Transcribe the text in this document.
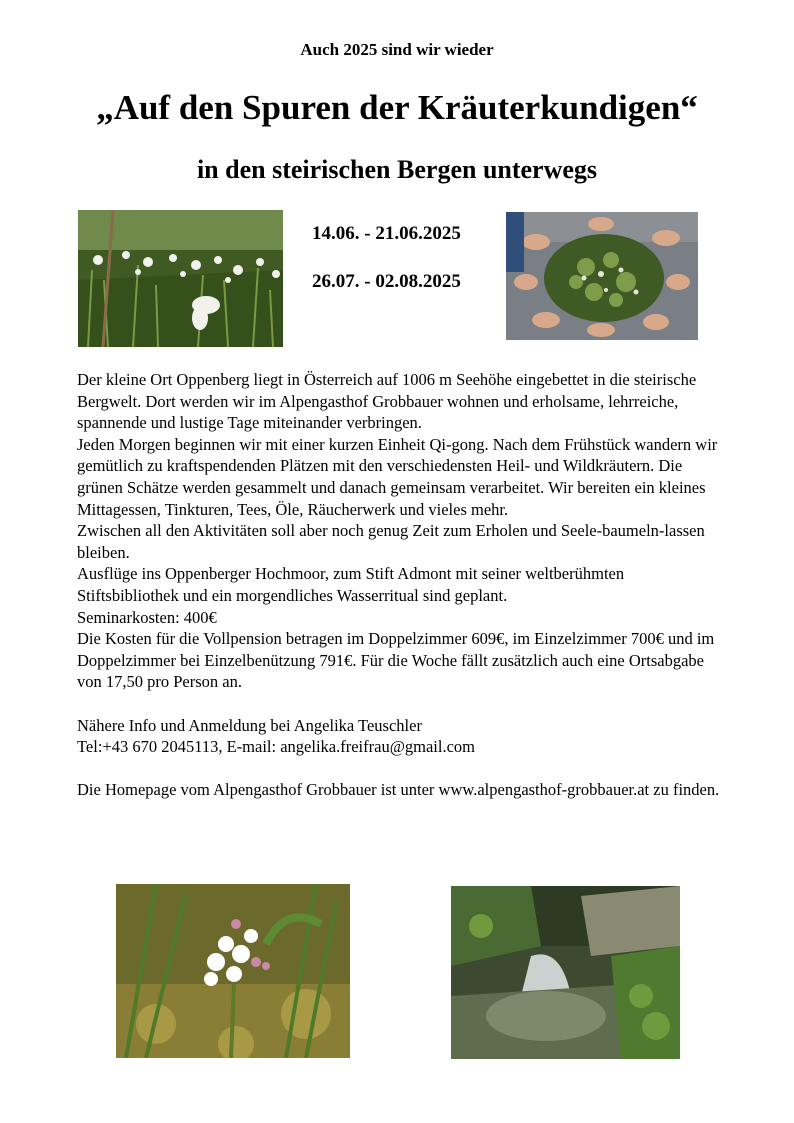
Auch 2025 sind wir wieder
„Auf den Spuren der Kräuterkundigen“
in den steirischen Bergen unterwegs
14.06. - 21.06.2025
26.07. - 02.08.2025

Der kleine Ort Oppenberg liegt in Österreich auf 1006 m Seehöhe eingebettet in die steirische Bergwelt. Dort werden wir im Alpengasthof Grobbauer wohnen und erholsame, lehrreiche, spannende und lustige Tage miteinander verbringen.

Jeden Morgen beginnen wir mit einer kurzen Einheit Qi-gong. Nach dem Frühstück wandern wir gemütlich zu kraftspendenden Plätzen mit den verschiedensten Heil- und Wildkräutern. Die grünen Schätze werden gesammelt und danach gemeinsam verarbeitet. Wir bereiten ein kleines Mittagessen, Tinkturen, Tees, Öle, Räucherwerk und vieles mehr.

Zwischen all den Aktivitäten soll aber noch genug Zeit zum Erholen und Seele-baumeln-lassen bleiben.

Ausflüge ins Oppenberger Hochmoor, zum Stift Admont mit seiner weltberühmten Stiftsbibliothek und ein morgendliches Wasserritual sind geplant.

Seminarkosten: 400€

Die Kosten für die Vollpension betragen im Doppelzimmer 609€, im Einzelzimmer 700€ und im Doppelzimmer bei Einzelbenützung 791€. Für die Woche fällt zusätzlich auch eine Ortsabgabe von 17,50 pro Person an.

Nähere Info und Anmeldung bei Angelika Teuschler

Tel:+43 670 2045113, E-mail: angelika.freifrau@gmail.com

Die Homepage vom Alpengasthof Grobbauer ist unter www.alpengasthof-grobbauer.at zu finden.
